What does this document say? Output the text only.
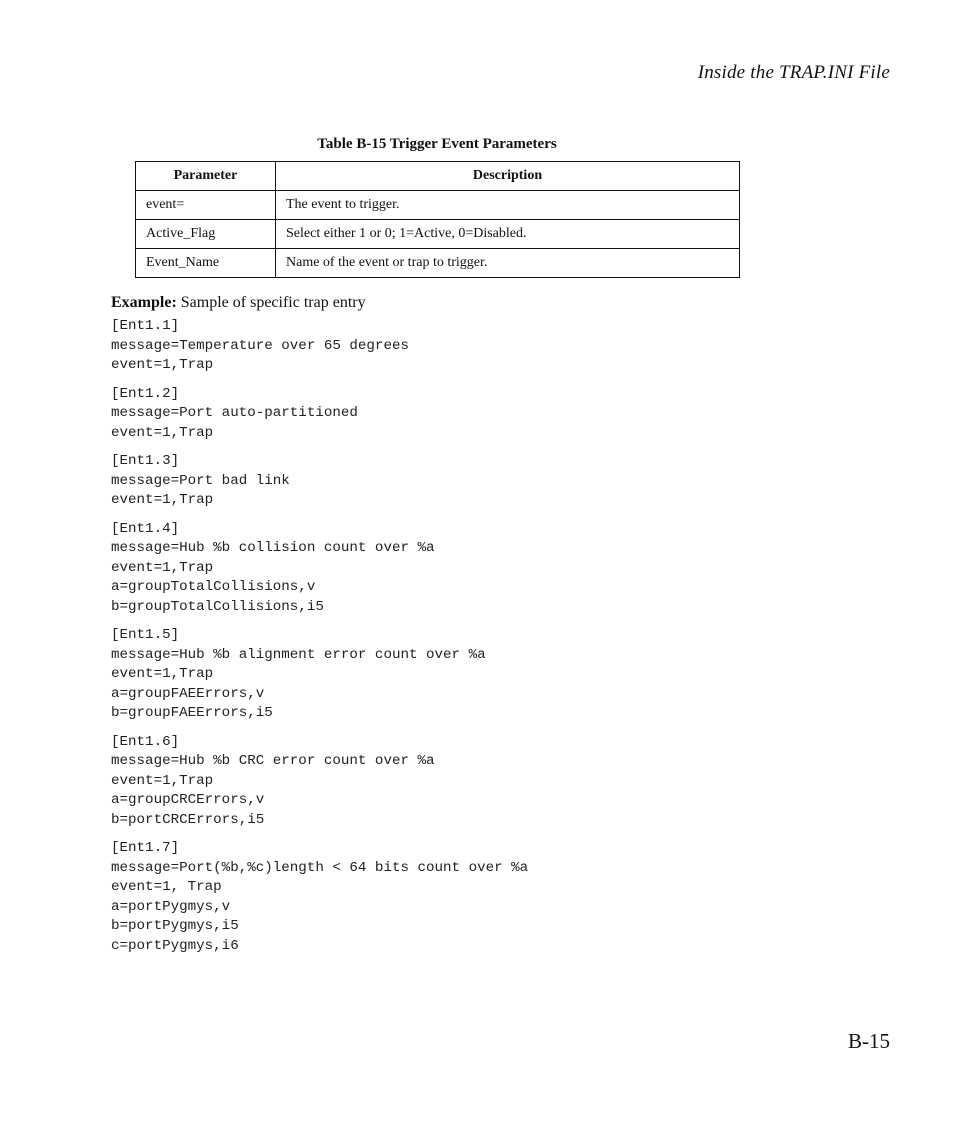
Inside the TRAP.INI File
Table B-15 Trigger Event Parameters
Parameter	Description
event=	The event to trigger.
Active_Flag	Select either 1 or 0; 1=Active, 0=Disabled.
Event_Name	Name of the event or trap to trigger.
Example: Sample of specific trap entry
[Ent1.1]
message=Temperature over 65 degrees
event=1,Trap
[Ent1.2]
message=Port auto-partitioned
event=1,Trap
[Ent1.3]
message=Port bad link
event=1,Trap
[Ent1.4]
message=Hub %b collision count over %a
event=1,Trap
a=groupTotalCollisions,v
b=groupTotalCollisions,i5
[Ent1.5]
message=Hub %b alignment error count over %a
event=1,Trap
a=groupFAEErrors,v
b=groupFAEErrors,i5
[Ent1.6]
message=Hub %b CRC error count over %a
event=1,Trap
a=groupCRCErrors,v
b=portCRCErrors,i5
[Ent1.7]
message=Port(%b,%c)length < 64 bits count over %a
event=1, Trap
a=portPygmys,v
b=portPygmys,i5
c=portPygmys,i6
B-15
